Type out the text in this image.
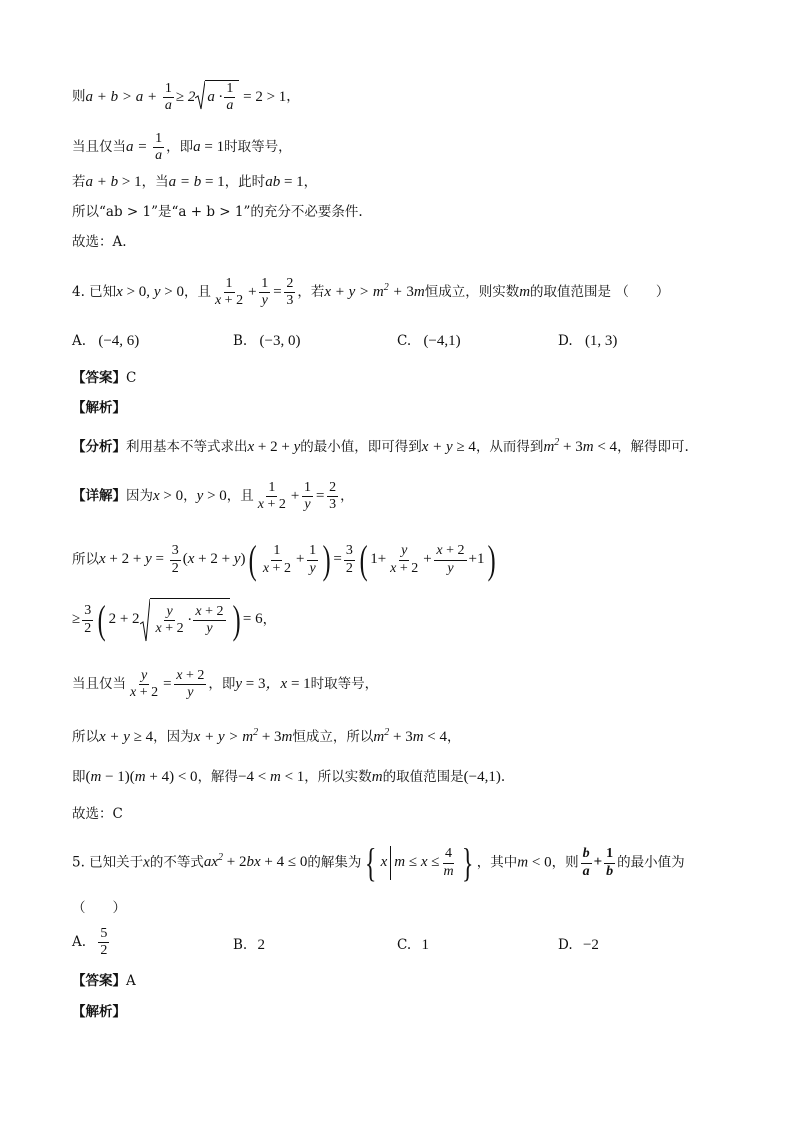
则$a + b > a + \frac{1}{a} \ge 2$ $a \cdot \frac{1}{a} = 2 > 1$，
当且仅当$a = \frac{1}{a}$ ，即a = 1时取等号，
若a + b > 1，当a = b = 1，此时ab = 1，
所以“ab > 1”是“a + b > 1”的充分不必要条件.
故选：A.
4. 已知x > 0, y > 0，且 $\frac{1}{x + 2} + \frac{1}{y} = \frac{2}{3}$ ，若$x + y > m^2 + 3m$恒成立，则实数m的取值范围是 （　　）
A. (−4, 6)	B. (−3, 0)	C. (−4,1)	D. (1, 3)
【答案】C
【解析】
【分析】利用基本不等式求出x + 2 + y的最小值，即可得到x + y ≥ 4，从而得到$m^2 + 3m < 4$，解得即可.
【详解】因为x > 0，y > 0，且 $\frac{1}{x + 2} + \frac{1}{y} = \frac{2}{3}$ ，
所以$x + 2 + y = \frac{3}{2} (x + 2 + y)( \frac{1}{x + 2} + \frac{1}{y}$ ) = $\frac{3}{2}$ ( $1+ \frac{y}{x + 2} + \frac{x + 2}{y} +1$)
≥ $\frac{3}{2}$ ( $2 + 2 \frac{y}{x + 2} \cdot \frac{x + 2}{y}$ ) = 6，
当且仅当 $\frac{y}{x + 2} = \frac{x + 2}{y}$ ，即y = 3，x = 1时取等号，
所以x + y ≥ 4，因为$x + y > m^2 + 3m$恒成立，所以$m^2 + 3m < 4$，
即(m − 1)(m + 4) < 0，解得−4 < m < 1，所以实数m的取值范围是(−4,1).
故选：C
5. 已知关于x的不等式$ax^2 + 2bx + 4 \le 0$的解集为{ x $m \le x \le \frac{4}{m}$ } ，其中m < 0，则 $\frac{b}{a} + \frac{1}{b}$ 的最小值为
（　　）
A. $\frac{5}{2}$	B. 2	C. 1	D. −2
【答案】A
【解析】
